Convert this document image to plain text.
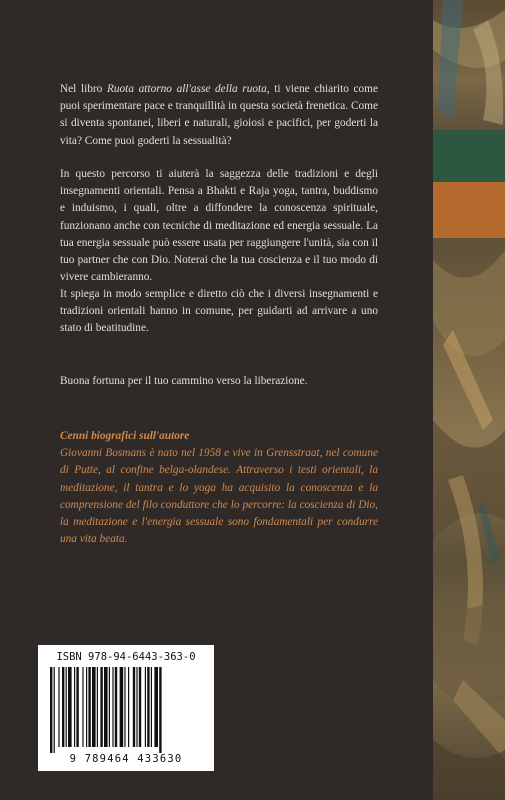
Nel libro Ruota attorno all'asse della ruota, ti viene chiarito come puoi sperimentare pace e tranquillità in questa società frenetica. Come si diventa spontanei, liberi e naturali, gioiosi e pacifici, per goderti la vita? Come puoi goderti la sessualità?

In questo percorso ti aiuterà la saggezza delle tradizioni e degli insegnamenti orientali. Pensa a Bhakti e Raja yoga, tantra, buddismo e induismo, i quali, oltre a diffondere la conoscenza spirituale, funzionano anche con tecniche di meditazione ed energia sessuale. La tua energia sessuale può essere usata per raggiungere l'unità, sia con il tuo partner che con Dio. Noterai che la tua coscienza e il tuo modo di vivere cambieranno.

It spiega in modo semplice e diretto ciò che i diversi insegnamenti e tradizioni orientali hanno in comune, per guidarti ad arrivare a uno stato di beatitudine.

Buona fortuna per il tuo cammino verso la liberazione.

Cenni biografici sull'autore

Giovanni Bosmans è nato nel 1958 e vive in Grensstraat, nel comune di Putte, al confine belga-olandese. Attraverso i testi orientali, la meditazione, il tantra e lo yoga ha acquisito la conoscenza e la comprensione del filo conduttore che lo percorre: la coscienza di Dio, la meditazione e l'energia sessuale sono fondamentali per condurre una vita beata.

ISBN 978-94-6443-363-0
9 789464 433630
